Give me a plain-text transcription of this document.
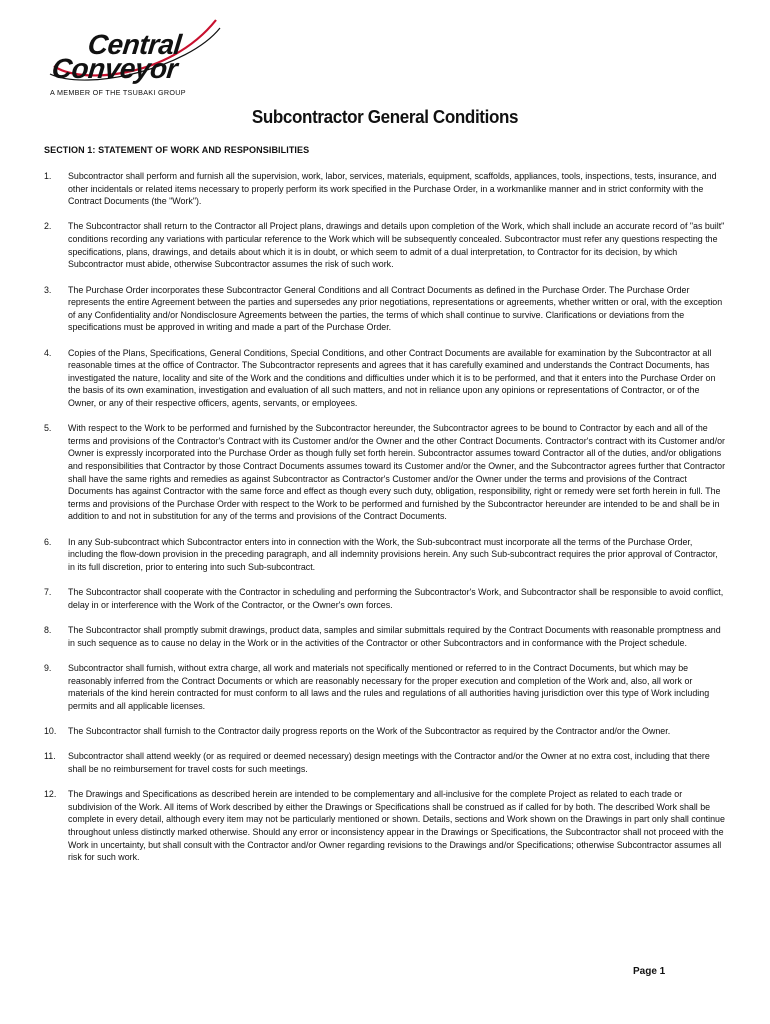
Central
Conveyor
A MEMBER OF THE TSUBAKI GROUP
Subcontractor General Conditions
SECTION 1: STATEMENT OF WORK AND RESPONSIBILITIES
1.	Subcontractor shall perform and furnish all the supervision, work, labor, services, materials, equipment, scaffolds, appliances, tools, inspections, tests, insurance, and other incidentals or related items necessary to properly perform its work specified in the Purchase Order, in a workmanlike manner and in strict conformity with the Contract Documents (the "Work").
2.	The Subcontractor shall return to the Contractor all Project plans, drawings and details upon completion of the Work, which shall include an accurate record of "as built" conditions recording any variations with particular reference to the Work which will be subsequently concealed. Subcontractor must refer any questions respecting the specifications, plans, drawings, and details about which it is in doubt, or which seem to admit of a dual interpretation, to Contractor for its decision, by which Subcontractor must abide, otherwise Subcontractor assumes the risk of such work.
3.	The Purchase Order incorporates these Subcontractor General Conditions and all Contract Documents as defined in the Purchase Order. The Purchase Order represents the entire Agreement between the parties and supersedes any prior negotiations, representations or agreements, whether written or oral, with the exception of any Confidentiality and/or Nondisclosure Agreements between the parties, the terms of which shall continue to survive. Clarifications or deviations from the specifications must be approved in writing and made a part of the Purchase Order.
4.	Copies of the Plans, Specifications, General Conditions, Special Conditions, and other Contract Documents are available for examination by the Subcontractor at all reasonable times at the office of Contractor. The Subcontractor represents and agrees that it has carefully examined and understands the Contract Documents, has investigated the nature, locality and site of the Work and the conditions and difficulties under which it is to be performed, and that it enters into the Purchase Order on the basis of its own examination, investigation and evaluation of all such matters, and not in reliance upon any opinions or representations of Contractor, or of the Owner, or any of their respective officers, agents, servants, or employees.
5.	With respect to the Work to be performed and furnished by the Subcontractor hereunder, the Subcontractor agrees to be bound to Contractor by each and all of the terms and provisions of the Contractor's Contract with its Customer and/or the Owner and the other Contract Documents. Contractor's contract with its Customer and/or Owner is expressly incorporated into the Purchase Order as though fully set forth herein. Subcontractor assumes toward Contractor all of the duties, and/or obligations and responsibilities that Contractor by those Contract Documents assumes toward its Customer and/or the Owner, and the Subcontractor agrees further that Contractor shall have the same rights and remedies as against Subcontractor as Contractor's Customer and/or the Owner under the terms and provisions of the Contract Documents has against Contractor with the same force and effect as though every such duty, obligation, responsibility, right or remedy were set forth herein in full. The terms and provisions of the Purchase Order with respect to the Work to be performed and furnished by the Subcontractor hereunder are intended to be and shall be in addition to and not in substitution for any of the terms and provisions of the Contract Documents.
6.	In any Sub-subcontract which Subcontractor enters into in connection with the Work, the Sub-subcontract must incorporate all the terms of the Purchase Order, including the flow-down provision in the preceding paragraph, and all indemnity provisions herein. Any such Sub-subcontract requires the prior approval of Contractor, in its full discretion, prior to entering into such Sub-subcontract.
7.	The Subcontractor shall cooperate with the Contractor in scheduling and performing the Subcontractor's Work, and Subcontractor shall be responsible to avoid conflict, delay in or interference with the Work of the Contractor, or the Owner's own forces.
8.	The Subcontractor shall promptly submit drawings, product data, samples and similar submittals required by the Contract Documents with reasonable promptness and in such sequence as to cause no delay in the Work or in the activities of the Contractor or other Subcontractors and in conformance with the Project schedule.
9.	Subcontractor shall furnish, without extra charge, all work and materials not specifically mentioned or referred to in the Contract Documents, but which may be reasonably inferred from the Contract Documents or which are reasonably necessary for the proper execution and completion of the Work and, also, all work or materials of the kind herein contracted for must conform to all laws and the rules and regulations of all authorities having jurisdiction over this type of Work including permits and all applicable licenses.
10.	The Subcontractor shall furnish to the Contractor daily progress reports on the Work of the Subcontractor as required by the Contractor and/or the Owner.
11.	Subcontractor shall attend weekly (or as required or deemed necessary) design meetings with the Contractor and/or the Owner at no extra cost, including that there shall be no reimbursement for travel costs for such meetings.
12.	The Drawings and Specifications as described herein are intended to be complementary and all-inclusive for the complete Project as related to each trade or subdivision of the Work. All items of Work described by either the Drawings or Specifications shall be construed as if called for by both. The described Work shall be complete in every detail, although every item may not be particularly mentioned or shown. Details, sections and Work shown on the Drawings in part only shall continue throughout unless distinctly marked otherwise. Should any error or inconsistency appear in the Drawings or Specifications, the Subcontractor shall not proceed with the Work in uncertainty, but shall consult with the Contractor and/or Owner regarding revisions to the Drawings and/or Specifications; otherwise Subcontractor assumes all risk for such work.
Page 1
